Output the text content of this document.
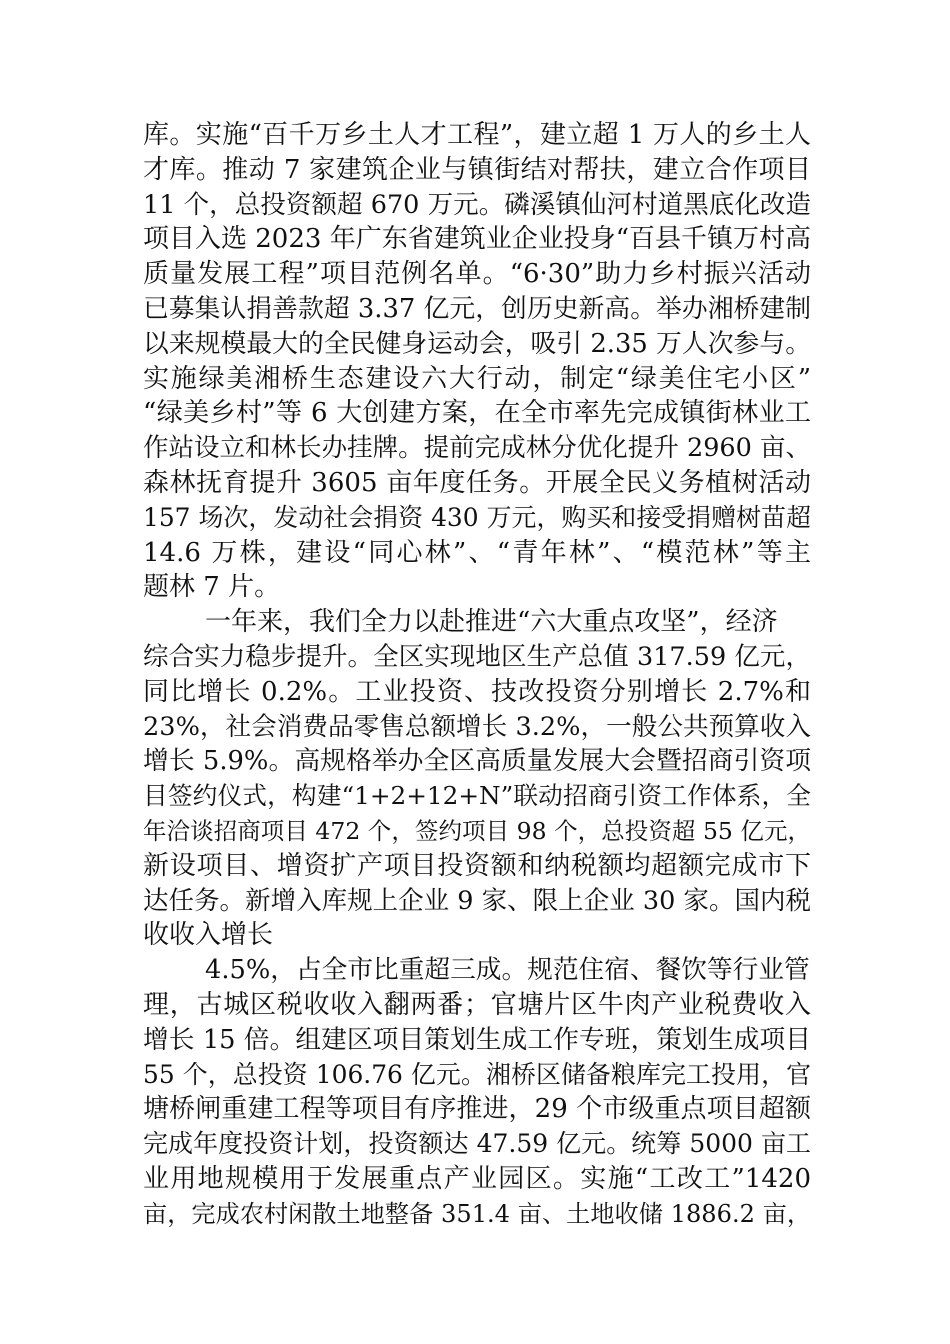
库。实施“百千万乡土人才工程”，建立超 1 万人的乡土人
才库。推动 7 家建筑企业与镇街结对帮扶，建立合作项目
11 个，总投资额超 670 万元。磷溪镇仙河村道黑底化改造
项目入选 2023 年广东省建筑业企业投身“百县千镇万村高
质量发展工程”项目范例名单。“6·30”助力乡村振兴活动
已募集认捐善款超 3.37 亿元，创历史新高。举办湘桥建制
以来规模最大的全民健身运动会，吸引 2.35 万人次参与。
实施绿美湘桥生态建设六大行动，制定“绿美住宅小区”
“绿美乡村”等 6 大创建方案，在全市率先完成镇街林业工
作站设立和林长办挂牌。提前完成林分优化提升 2960 亩、
森林抚育提升 3605 亩年度任务。开展全民义务植树活动
157 场次，发动社会捐资 430 万元，购买和接受捐赠树苗超
14.6 万株，建设“同心林”、“青年林”、“模范林”等主
题林 7 片。
一年来，我们全力以赴推进“六大重点攻坚”，经济
综合实力稳步提升。全区实现地区生产总值 317.59 亿元，
同比增长 0.2%。工业投资、技改投资分别增长 2.7%和
23%，社会消费品零售总额增长 3.2%，一般公共预算收入
增长 5.9%。高规格举办全区高质量发展大会暨招商引资项
目签约仪式，构建“1+2+12+N”联动招商引资工作体系，全
年洽谈招商项目 472 个，签约项目 98 个，总投资超 55 亿元，
新设项目、增资扩产项目投资额和纳税额均超额完成市下
达任务。新增入库规上企业 9 家、限上企业 30 家。国内税
收收入增长
4.5%，占全市比重超三成。规范住宿、餐饮等行业管
理，古城区税收收入翻两番；官塘片区牛肉产业税费收入
增长 15 倍。组建区项目策划生成工作专班，策划生成项目
55 个，总投资 106.76 亿元。湘桥区储备粮库完工投用，官
塘桥闸重建工程等项目有序推进，29 个市级重点项目超额
完成年度投资计划，投资额达 47.59 亿元。统筹 5000 亩工
业用地规模用于发展重点产业园区。实施“工改工”1420
亩，完成农村闲散土地整备 351.4 亩、土地收储 1886.2 亩，
